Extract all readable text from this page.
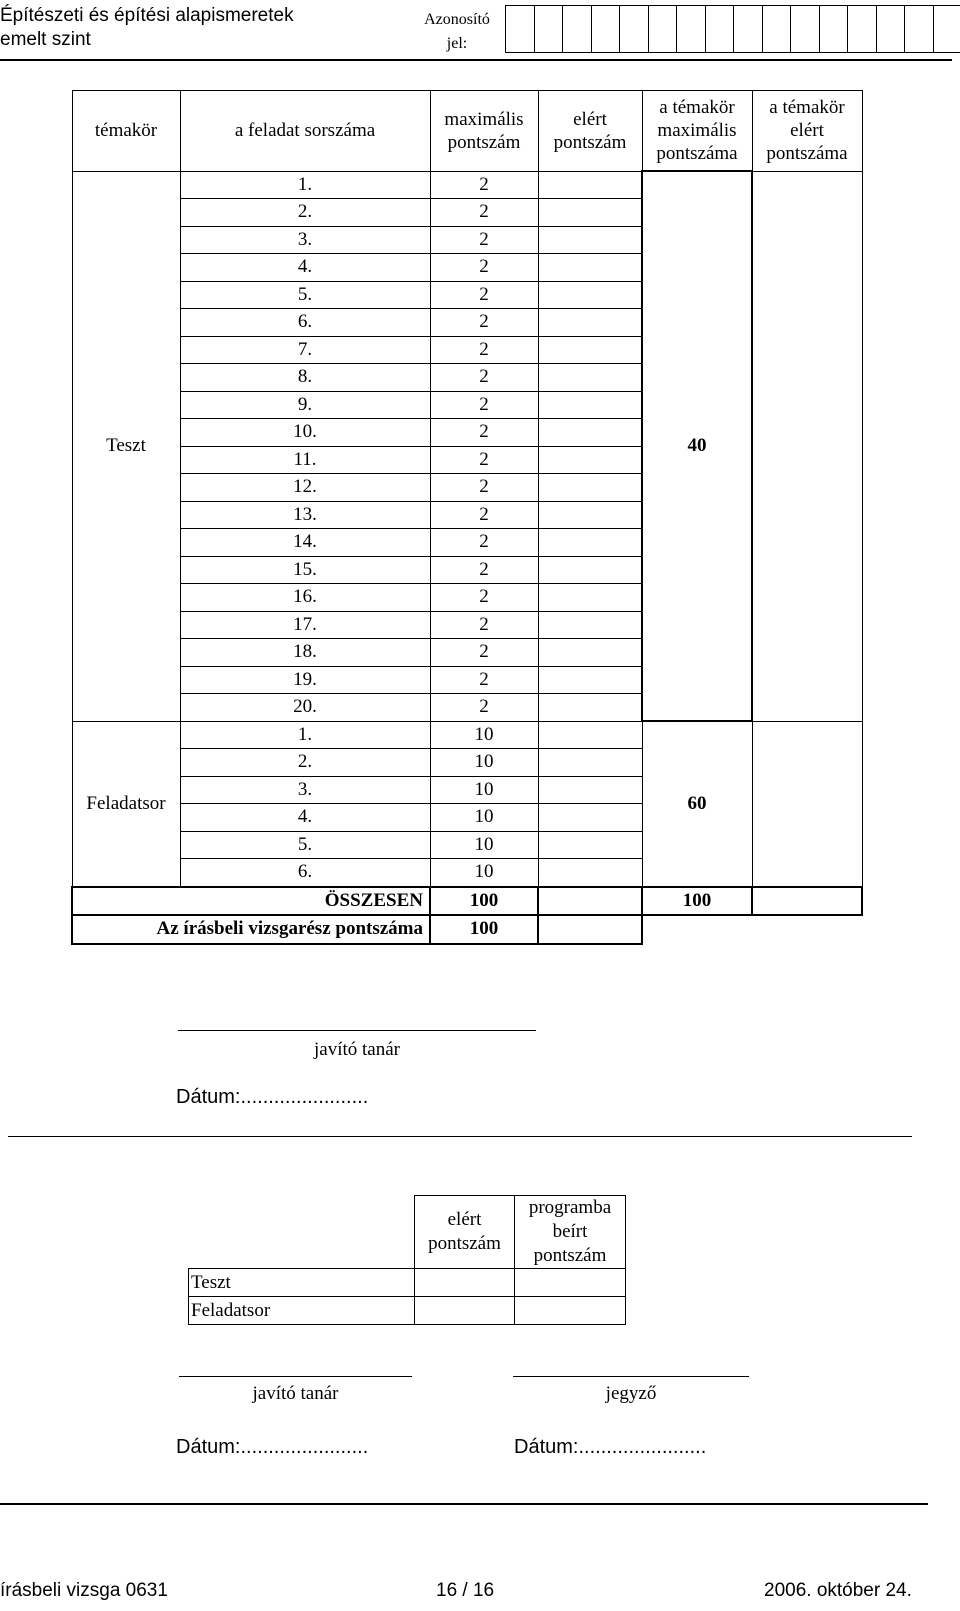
Építészeti és építési alapismeretek
emelt szint
Azonosító
jel:
témakör	a feladat sorszáma	maximális pontszám	elért pontszám	a témakör maximális pontszáma	a témakör elért pontszáma
Teszt	1.	2		40	
	2.	2			
	3.	2			
	4.	2			
	5.	2			
	6.	2			
	7.	2			
	8.	2			
	9.	2			
	10.	2			
	11.	2			
	12.	2			
	13.	2			
	14.	2			
	15.	2			
	16.	2			
	17.	2			
	18.	2			
	19.	2			
	20.	2			
Feladatsor	1.	10		60	
	2.	10			
	3.	10			
	4.	10			
	5.	10			
	6.	10			
ÖSSZESEN		100		100	
Az írásbeli vizsgarész pontszáma		100			
javító tanár
Dátum:.......................
	elért pontszám	programba beírt pontszám
Teszt		
Feladatsor		
javító tanár	jegyző
Dátum:.......................	Dátum:.......................
írásbeli vizsga 0631	16 / 16	2006. október 24.
